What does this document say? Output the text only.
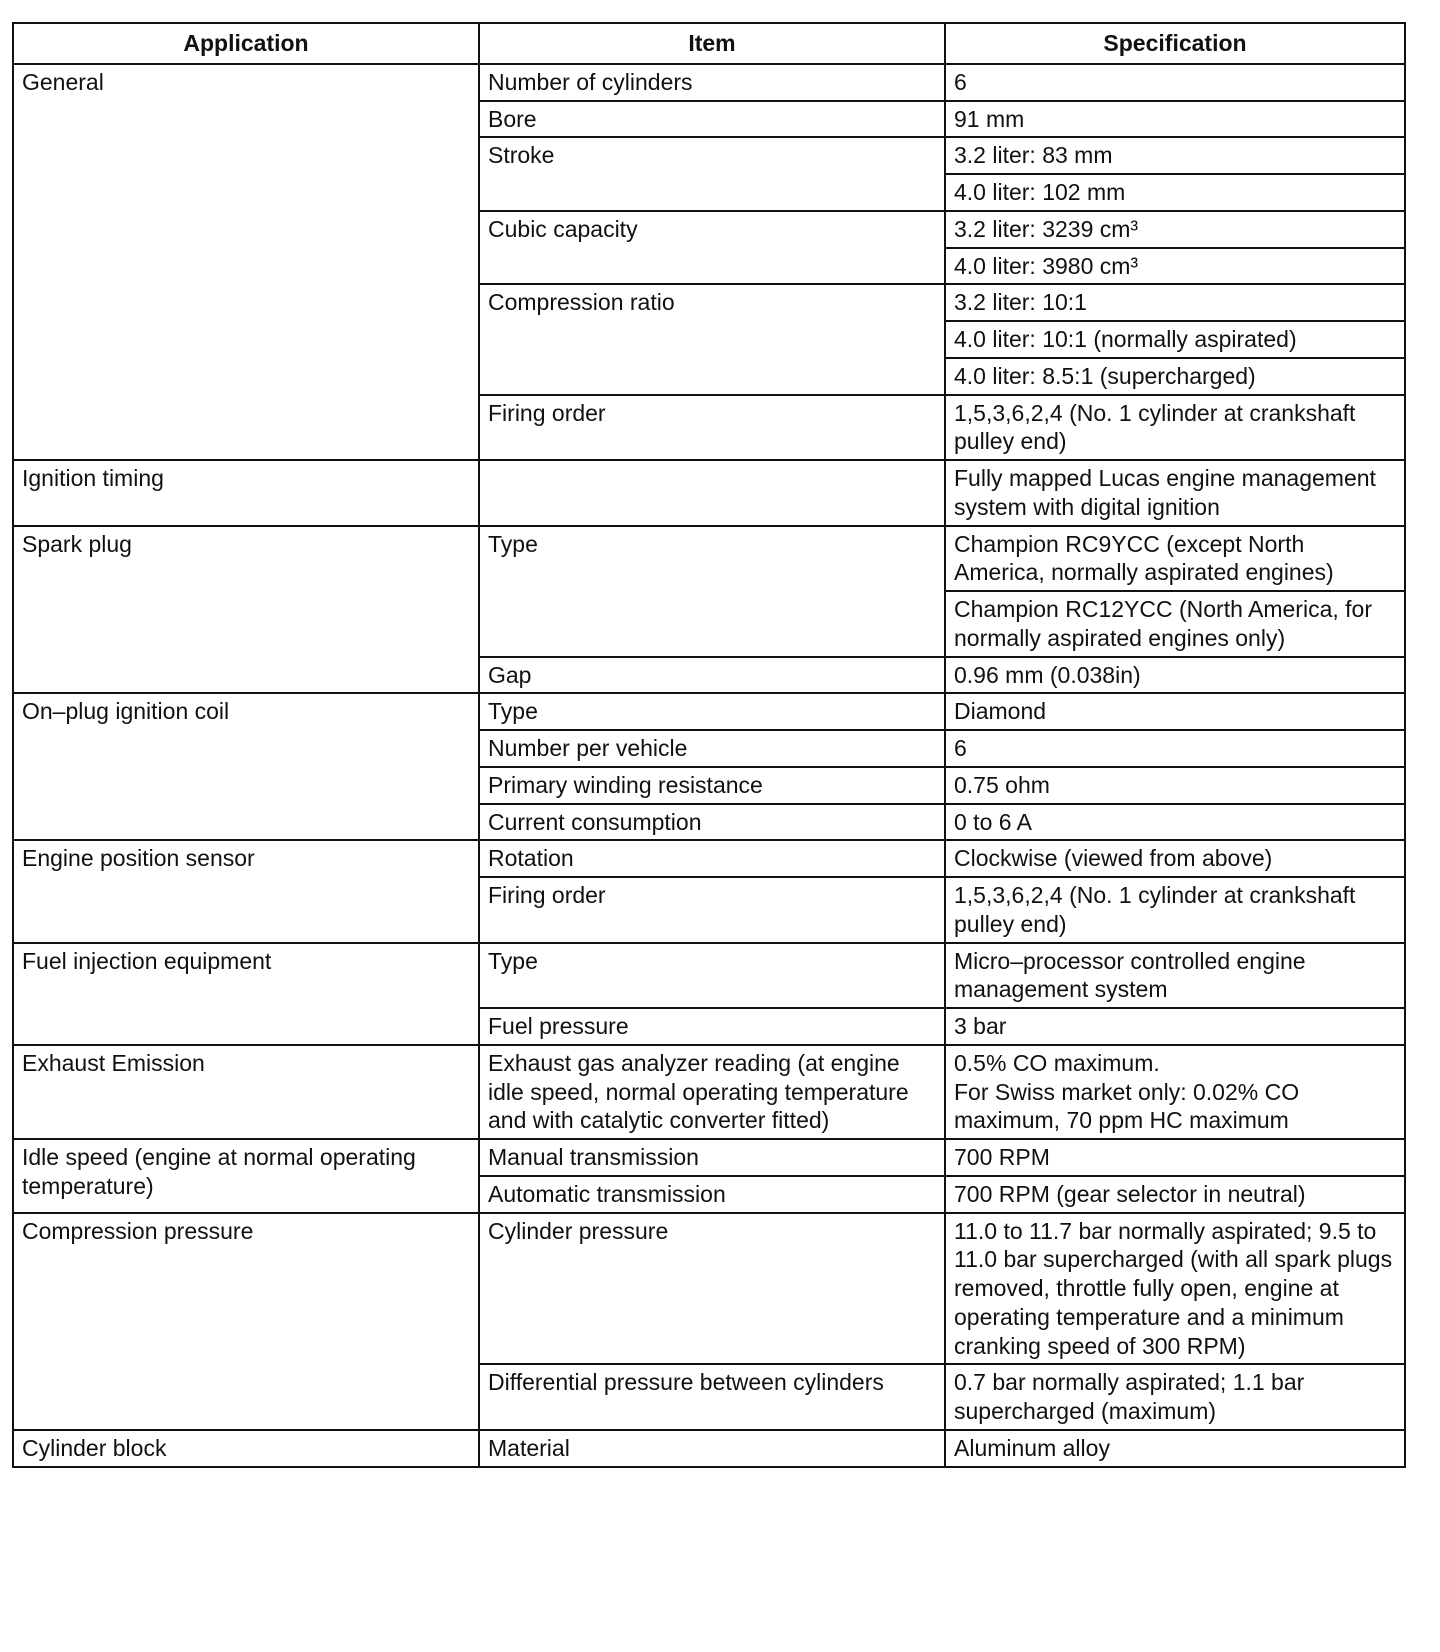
Application	Item	Specification
General	Number of cylinders	6
	Bore	91 mm
	Stroke	3.2 liter: 83 mm
		4.0 liter: 102 mm
	Cubic capacity	3.2 liter: 3239 cm³
		4.0 liter: 3980 cm³
	Compression ratio	3.2 liter: 10:1
		4.0 liter: 10:1 (normally aspirated)
		4.0 liter: 8.5:1 (supercharged)
	Firing order	1,5,3,6,2,4 (No. 1 cylinder at crankshaft pulley end)
Ignition timing		Fully mapped Lucas engine management system with digital ignition
Spark plug	Type	Champion RC9YCC (except North America, normally aspirated engines)
		Champion RC12YCC (North America, for normally aspirated engines only)
	Gap	0.96 mm (0.038in)
On–plug ignition coil	Type	Diamond
	Number per vehicle	6
	Primary winding resistance	0.75 ohm
	Current consumption	0 to 6 A
Engine position sensor	Rotation	Clockwise (viewed from above)
	Firing order	1,5,3,6,2,4 (No. 1 cylinder at crankshaft pulley end)
Fuel injection equipment	Type	Micro–processor controlled engine management system
	Fuel pressure	3 bar
Exhaust Emission	Exhaust gas analyzer reading (at engine idle speed, normal operating temperature and with catalytic converter fitted)	0.5% CO maximum.
For Swiss market only: 0.02% CO maximum, 70 ppm HC maximum
Idle speed (engine at normal operating temperature)	Manual transmission	700 RPM
	Automatic transmission	700 RPM (gear selector in neutral)
Compression pressure	Cylinder pressure	11.0 to 11.7 bar normally aspirated; 9.5 to 11.0 bar supercharged (with all spark plugs removed, throttle fully open, engine at operating temperature and a minimum cranking speed of 300 RPM)
	Differential pressure between cylinders	0.7 bar normally aspirated; 1.1 bar supercharged (maximum)
Cylinder block	Material	Aluminum alloy
